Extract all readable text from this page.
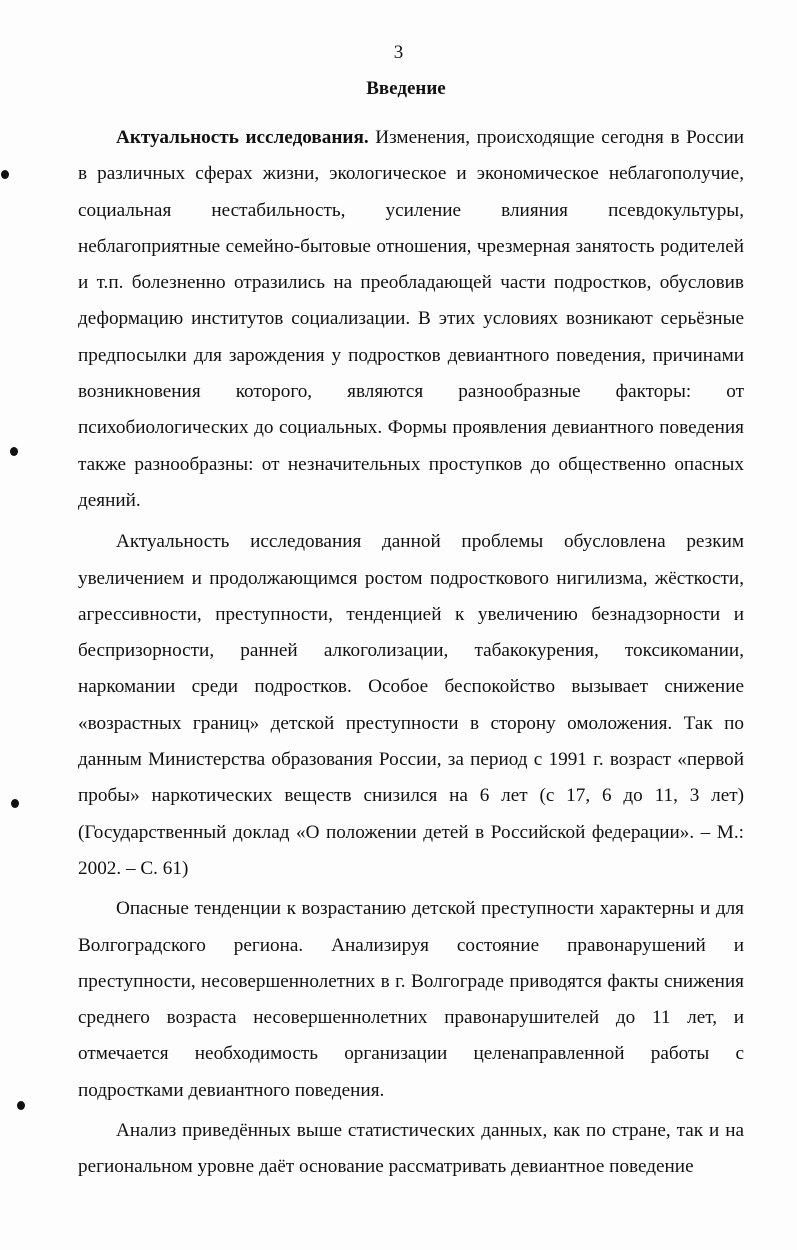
3
Введение

Актуальность исследования. Изменения, происходящие сегодня в России в различных сферах жизни, экологическое и экономическое неблагополучие, социальная нестабильность, усиление влияния псевдокультуры, неблагоприятные семейно-бытовые отношения, чрезмерная занятость родителей и т.п. болезненно отразились на преобладающей части подростков, обусловив деформацию институтов социализации. В этих условиях возникают серьёзные предпосылки для зарождения у подростков девиантного поведения, причинами возникновения которого, являются разнообразные факторы: от психобиологических до социальных. Формы проявления девиантного поведения также разнообразны: от незначительных проступков до общественно опасных деяний.

Актуальность исследования данной проблемы обусловлена резким увеличением и продолжающимся ростом подросткового нигилизма, жёсткости, агрессивности, преступности, тенденцией к увеличению безнадзорности и беспризорности, ранней алкоголизации, табакокурения, токсикомании, наркомании среди подростков. Особое беспокойство вызывает снижение «возрастных границ» детской преступности в сторону омоложения. Так по данным Министерства образования России, за период с 1991 г. возраст «первой пробы» наркотических веществ снизился на 6 лет (с 17, 6 до 11, 3 лет) (Государственный доклад «О положении детей в Российской федерации». – М.: 2002. – С. 61)

Опасные тенденции к возрастанию детской преступности характерны и для Волгоградского региона. Анализируя состояние правонарушений и преступности, несовершеннолетних в г. Волгограде приводятся факты снижения среднего возраста несовершеннолетних правонарушителей до 11 лет, и отмечается необходимость организации целенаправленной работы с подростками девиантного поведения.

Анализ приведённых выше статистических данных, как по стране, так и на региональном уровне даёт основание рассматривать девиантное поведение
